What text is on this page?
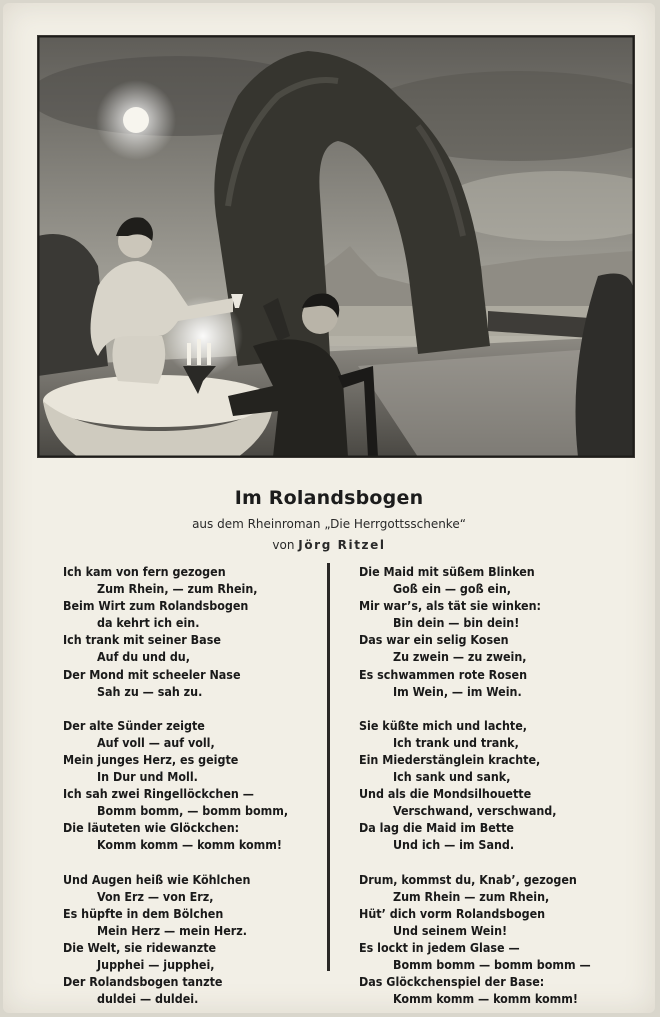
Im Rolandsbogen
aus dem Rheinroman „Die Herrgottsschenke“
von Jörg Ritzel
Ich kam von fern gezogen
Zum Rhein, — zum Rhein,
Beim Wirt zum Rolandsbogen
da kehrt ich ein.
Ich trank mit seiner Base
Auf du und du,
Der Mond mit scheeler Nase
Sah zu — sah zu.
Der alte Sünder zeigte
Auf voll — auf voll,
Mein junges Herz, es geigte
In Dur und Moll.
Ich sah zwei Ringellöckchen —
Bomm bomm, — bomm bomm,
Die läuteten wie Glöckchen:
Komm komm — komm komm!
Und Augen heiß wie Köhlchen
Von Erz — von Erz,
Es hüpfte in dem Bölchen
Mein Herz — mein Herz.
Die Welt, sie ridewanzte
Jupphei — jupphei,
Der Rolandsbogen tanzte
duldei — duldei.
Die Maid mit süßem Blinken
Goß ein — goß ein,
Mir war’s, als tät sie winken:
Bin dein — bin dein!
Das war ein selig Kosen
Zu zwein — zu zwein,
Es schwammen rote Rosen
Im Wein, — im Wein.
Sie küßte mich und lachte,
Ich trank und trank,
Ein Miederstänglein krachte,
Ich sank und sank,
Und als die Mondsilhouette
Verschwand, verschwand,
Da lag die Maid im Bette
Und ich — im Sand.
Drum, kommst du, Knab’, gezogen
Zum Rhein — zum Rhein,
Hüt’ dich vorm Rolandsbogen
Und seinem Wein!
Es lockt in jedem Glase —
Bomm bomm — bomm bomm —
Das Glöckchenspiel der Base:
Komm komm — komm komm!
